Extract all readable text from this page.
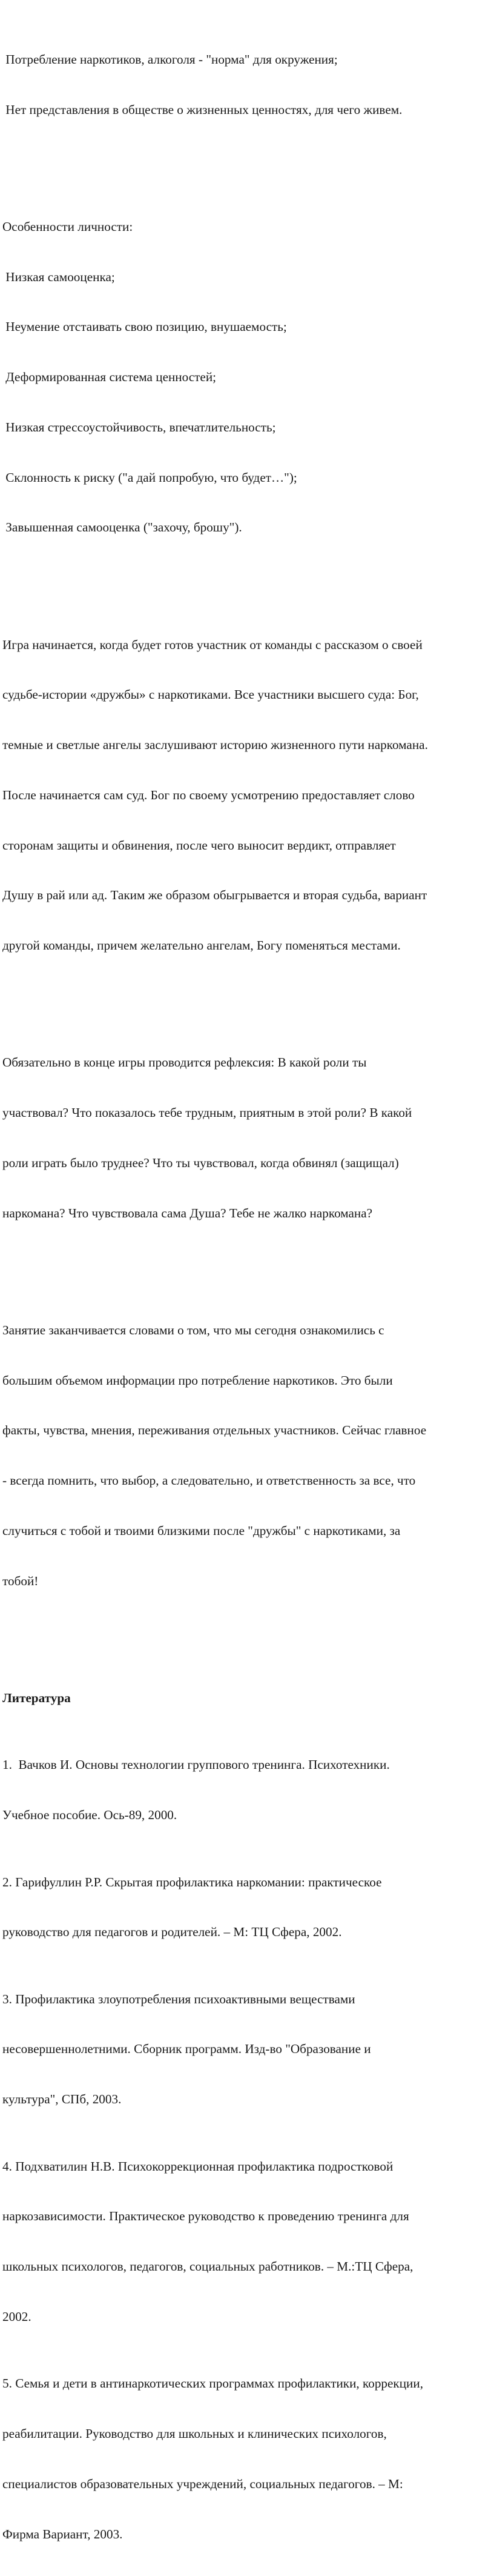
Потребление наркотиков, алкоголя - "норма" для окружения;

Нет представления в обществе о жизненных ценностях, для чего живем.

Особенности личности:

Низкая самооценка;

Неумение отстаивать свою позицию, внушаемость;

Деформированная система ценностей;

Низкая стрессоустойчивость, впечатлительность;

Склонность к риску ("а дай попробую, что будет…");

Завышенная самооценка ("захочу, брошу").

Игра начинается, когда будет готов участник от команды с рассказом о своей

судьбе-истории «дружбы» с наркотиками. Все участники высшего суда: Бог,

темные и светлые ангелы заслушивают историю жизненного пути наркомана.

После начинается сам суд. Бог по своему усмотрению предоставляет слово

сторонам защиты и обвинения, после чего выносит вердикт, отправляет

Душу в рай или ад. Таким же образом обыгрывается и вторая судьба, вариант

другой команды, причем желательно ангелам, Богу поменяться местами.

Обязательно в конце игры проводится рефлексия: В какой роли ты

участвовал? Что показалось тебе трудным, приятным в этой роли? В какой

роли играть было труднее? Что ты чувствовал, когда обвинял (защищал)

наркомана? Что чувствовала сама Душа? Тебе не жалко наркомана?

Занятие заканчивается словами о том, что мы сегодня ознакомились с

большим объемом информации про потребление наркотиков. Это были

факты, чувства, мнения, переживания отдельных участников. Сейчас главное

- всегда помнить, что выбор, а следовательно, и ответственность за все, что

случиться с тобой и твоими близкими после "дружбы" с наркотиками, за

тобой!

Литература

1.  Вачков И. Основы технологии группового тренинга. Психотехники.

Учебное пособие. Ось-89, 2000.

2. Гарифуллин Р.Р. Скрытая профилактика наркомании: практическое

руководство для педагогов и родителей. – М: ТЦ Сфера, 2002.

3. Профилактика злоупотребления психоактивными веществами

несовершеннолетними. Сборник программ. Изд-во "Образование и

культура", СПб, 2003.

4. Подхватилин Н.В. Психокоррекционная профилактика подростковой

наркозависимости. Практическое руководство к проведению тренинга для

школьных психологов, педагогов, социальных работников. – М.:ТЦ Сфера,

2002.

5. Семья и дети в антинаркотических программах профилактики, коррекции,

реабилитации. Руководство для школьных и клинических психологов,

специалистов образовательных учреждений, социальных педагогов. – М:

Фирма Вариант, 2003.
